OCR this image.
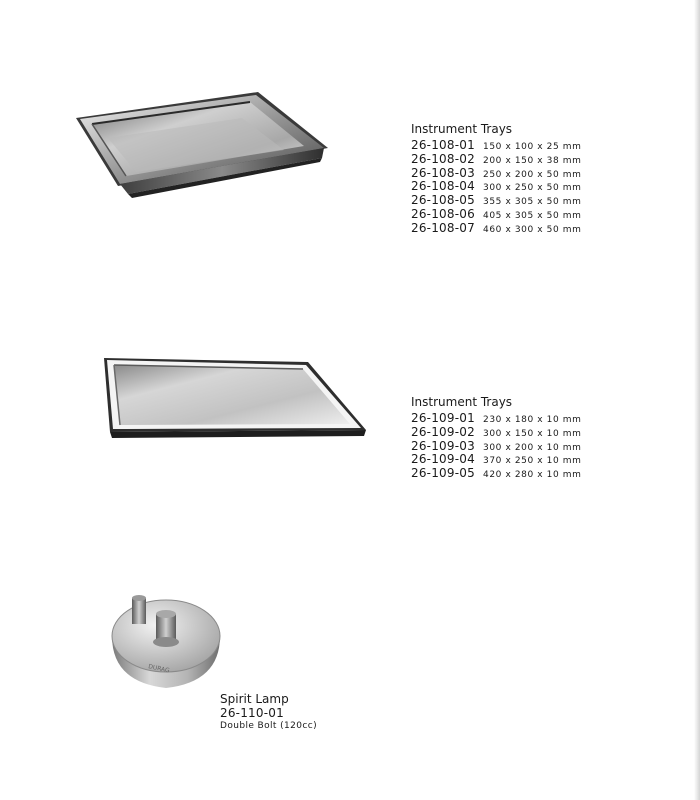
DURAG
Instrument Trays
26-108-01 150 x 100 x 25 mm
26-108-02 200 x 150 x 38 mm
26-108-03 250 x 200 x 50 mm
26-108-04 300 x 250 x 50 mm
26-108-05 355 x 305 x 50 mm
26-108-06 405 x 305 x 50 mm
26-108-07 460 x 300 x 50 mm
Instrument Trays
26-109-01 230 x 180 x 10 mm
26-109-02 300 x 150 x 10 mm
26-109-03 300 x 200 x 10 mm
26-109-04 370 x 250 x 10 mm
26-109-05 420 x 280 x 10 mm
Spirit Lamp
26-110-01
Double Bolt (120cc)
